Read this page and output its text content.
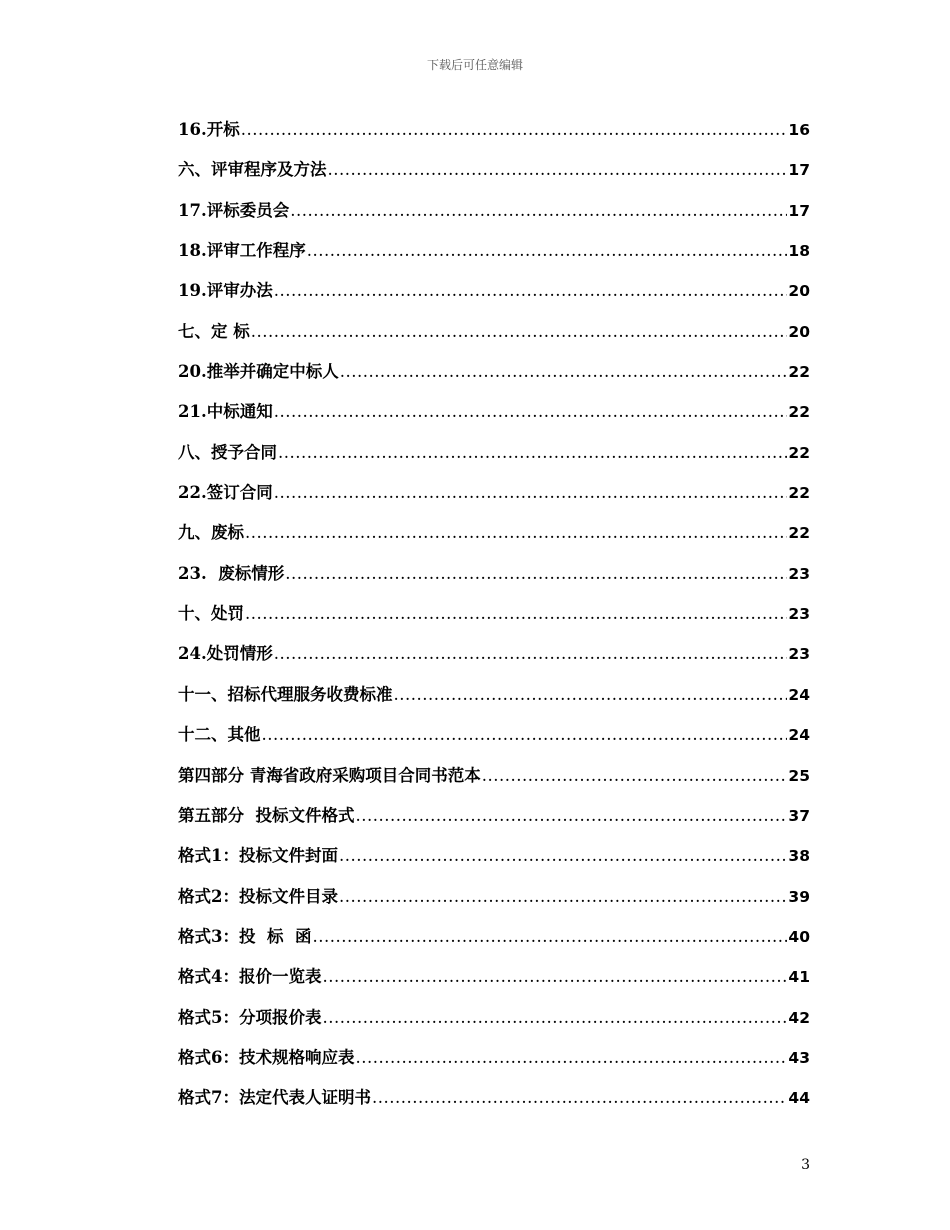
下载后可任意编辑
16.开标 .....	16
六、评审程序及方法 .....	17
17.评标委员会 .....	17
18.评审工作程序 .....	18
19.评审办法 .....	20
七、定 标 .....	20
20.推举并确定中标人 .....	22
21.中标通知 .....	22
八、授予合同 .....	22
22.签订合同 .....	22
九、废标 .....	22
23.  废标情形 .....	23
十、处罚 .....	23
24.处罚情形 .....	23
十一、招标代理服务收费标准 .....	24
十二、其他 .....	24
第四部分 青海省政府采购项目合同书范本 .....	25
第五部分  投标文件格式 .....	37
格式1：投标文件封面 .....	38
格式2：投标文件目录 .....	39
格式3：投  标  函 .....	40
格式4：报价一览表 .....	41
格式5：分项报价表 .....	42
格式6：技术规格响应表 .....	43
格式7：法定代表人证明书 .....	44
3
